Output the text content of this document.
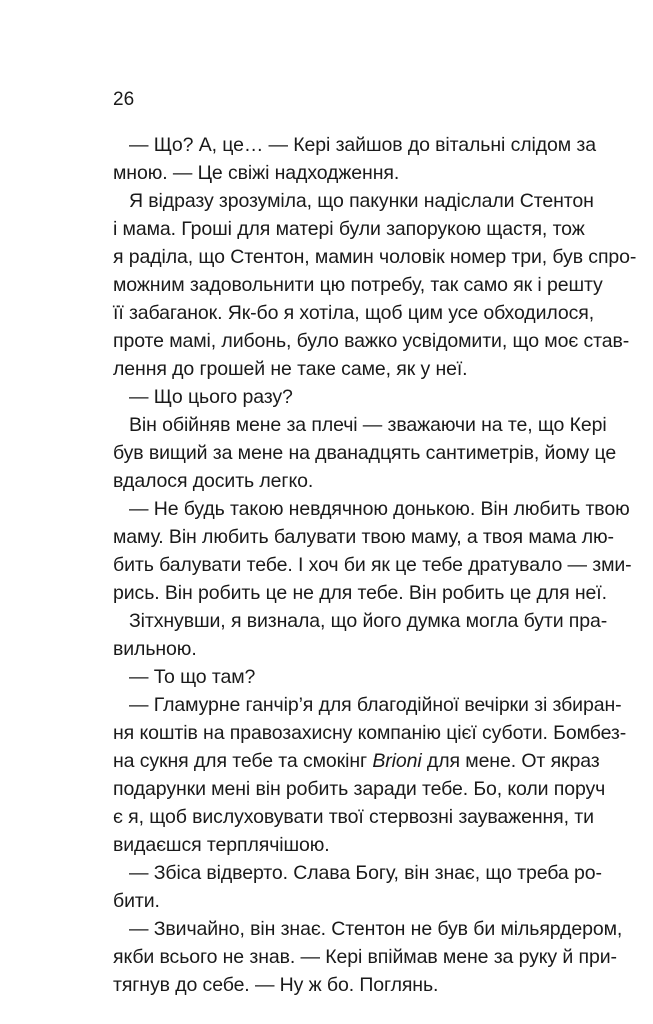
26
— Що? А, це… — Кері зайшов до вітальні слідом за
мною. — Це свіжі надходження.
Я відразу зрозуміла, що пакунки надіслали Стентон
і мама. Гроші для матері були запорукою щастя, тож
я раділа, що Стентон, мамин чоловік номер три, був спро-
можним задовольнити цю потребу, так само як і решту
її забаганок. Як-бо я хотіла, щоб цим усе обходилося,
проте мамі, либонь, було важко усвідомити, що моє став-
лення до грошей не таке саме, як у неї.
— Що цього разу?
Він обійняв мене за плечі — зважаючи на те, що Кері
був вищий за мене на дванадцять сантиметрів, йому це
вдалося досить легко.
— Не будь такою невдячною донькою. Він любить твою
маму. Він любить балувати твою маму, а твоя мама лю-
бить балувати тебе. І хоч би як це тебе дратувало — зми-
рись. Він робить це не для тебе. Він робить це для неї.
Зітхнувши, я визнала, що його думка могла бути пра-
вильною.
— То що там?
— Гламурне ганчір’я для благодійної вечірки зі збиран-
ня коштів на правозахисну компанію цієї суботи. Бомбез-
на сукня для тебе та смокінг Brioni для мене. От якраз
подарунки мені він робить заради тебе. Бо, коли поруч
є я, щоб вислуховувати твої стервозні зауваження, ти
видаєшся терплячішою.
— Збіса відверто. Слава Богу, він знає, що треба ро-
бити.
— Звичайно, він знає. Стентон не був би мільярдером,
якби всього не знав. — Кері впіймав мене за руку й при-
тягнув до себе. — Ну ж бо. Поглянь.
